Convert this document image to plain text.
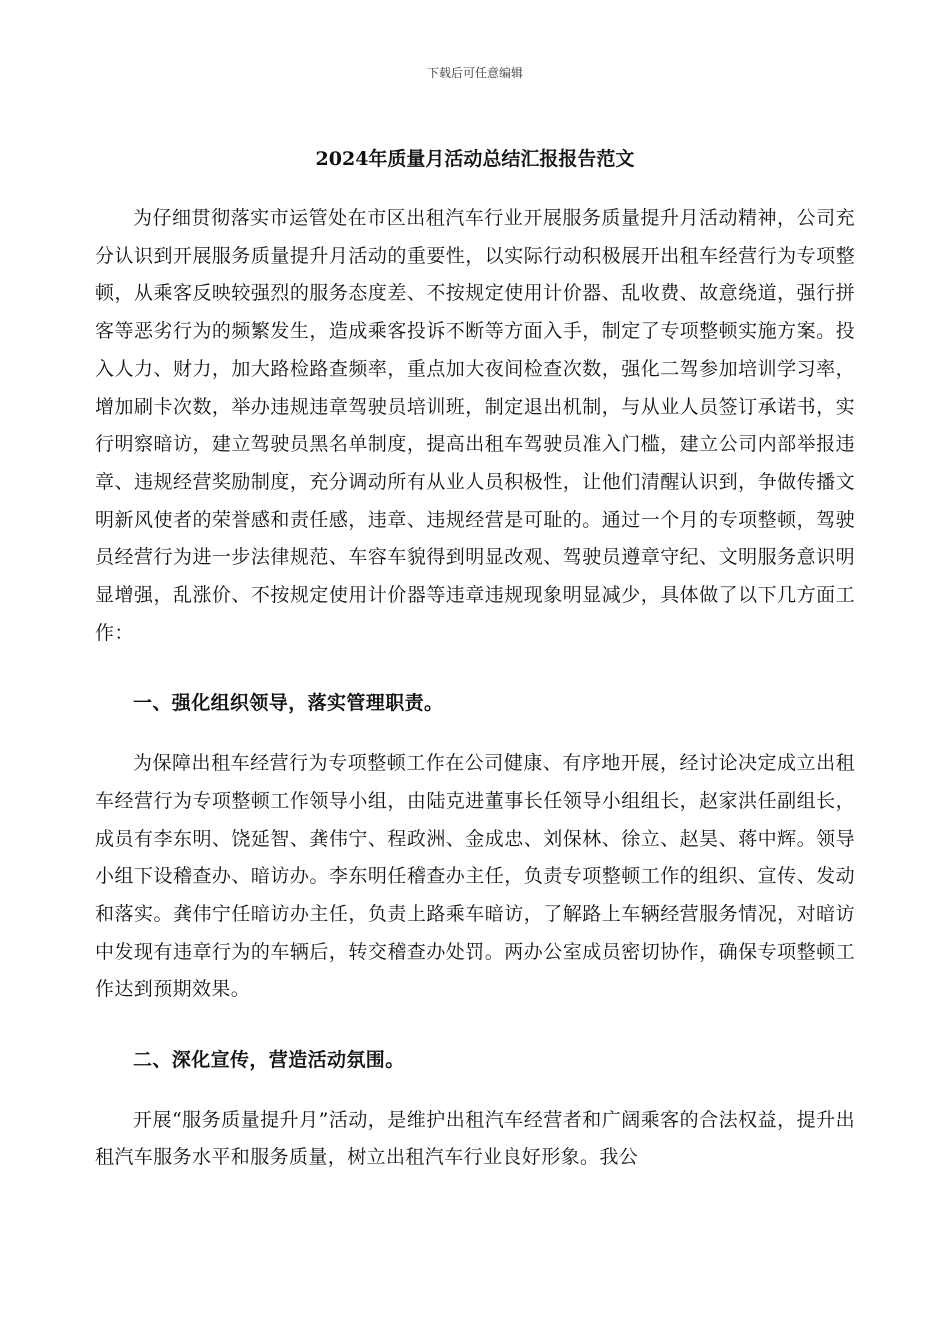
下载后可任意编辑
2024年质量月活动总结汇报报告范文

为仔细贯彻落实市运管处在市区出租汽车行业开展服务质量提升月活动精神，公司充分认识到开展服务质量提升月活动的重要性，以实际行动积极展开出租车经营行为专项整顿，从乘客反映较强烈的服务态度差、不按规定使用计价器、乱收费、故意绕道，强行拼客等恶劣行为的频繁发生，造成乘客投诉不断等方面入手，制定了专项整顿实施方案。投入人力、财力，加大路检路查频率，重点加大夜间检查次数，强化二驾参加培训学习率，增加刷卡次数，举办违规违章驾驶员培训班，制定退出机制，与从业人员签订承诺书，实行明察暗访，建立驾驶员黑名单制度，提高出租车驾驶员准入门槛，建立公司内部举报违章、违规经营奖励制度，充分调动所有从业人员积极性，让他们清醒认识到，争做传播文明新风使者的荣誉感和责任感，违章、违规经营是可耻的。通过一个月的专项整顿，驾驶员经营行为进一步法律规范、车容车貌得到明显改观、驾驶员遵章守纪、文明服务意识明显增强，乱涨价、不按规定使用计价器等违章违规现象明显减少，具体做了以下几方面工作：

一、强化组织领导，落实管理职责。

为保障出租车经营行为专项整顿工作在公司健康、有序地开展，经讨论决定成立出租车经营行为专项整顿工作领导小组，由陆克进董事长任领导小组组长，赵家洪任副组长，成员有李东明、饶延智、龚伟宁、程政洲、金成忠、刘保林、徐立、赵昊、蒋中辉。领导小组下设稽查办、暗访办。李东明任稽查办主任，负责专项整顿工作的组织、宣传、发动和落实。龚伟宁任暗访办主任，负责上路乘车暗访，了解路上车辆经营服务情况，对暗访中发现有违章行为的车辆后，转交稽查办处罚。两办公室成员密切协作，确保专项整顿工作达到预期效果。

二、深化宣传，营造活动氛围。

开展“服务质量提升月”活动，是维护出租汽车经营者和广阔乘客的合法权益，提升出租汽车服务水平和服务质量，树立出租汽车行业良好形象。我公
